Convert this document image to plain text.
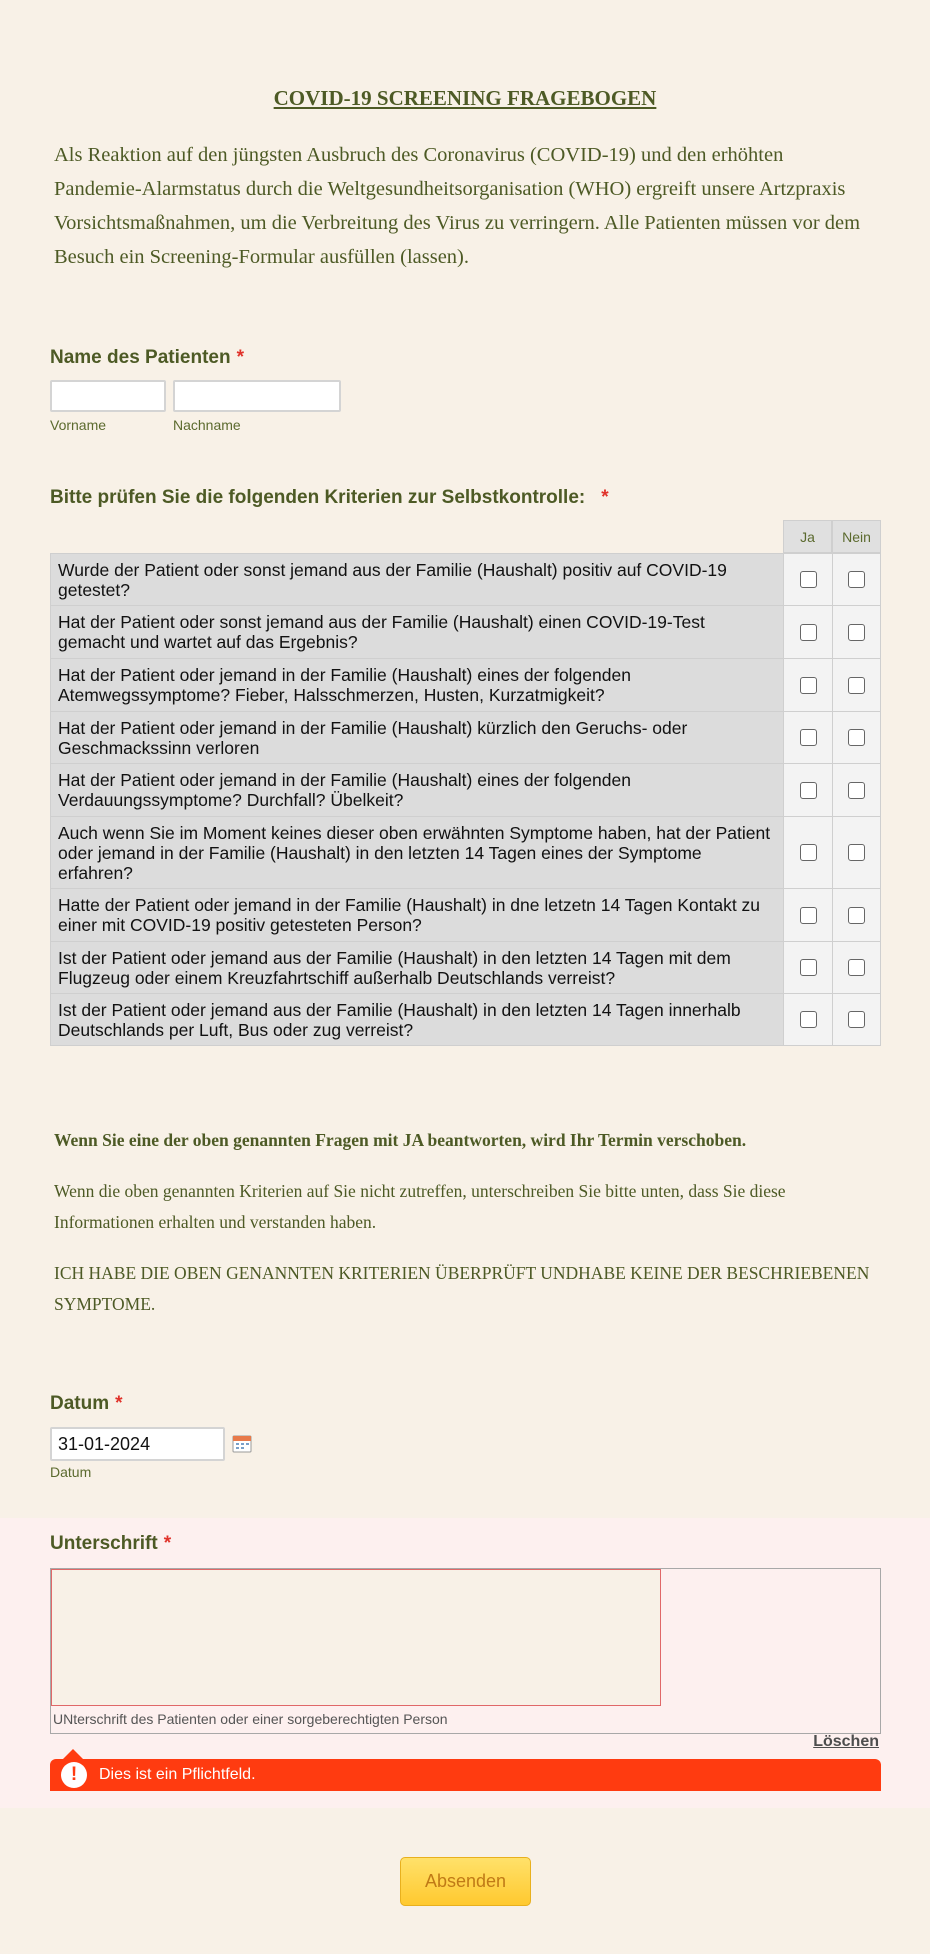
COVID-19 SCREENING FRAGEBOGEN
Als Reaktion auf den jüngsten Ausbruch des Coronavirus (COVID-19) und den erhöhten Pandemie-Alarmstatus durch die Weltgesundheitsorganisation (WHO) ergreift unsere Artzpraxis Vorsichtsmaßnahmen, um die Verbreitung des Virus zu verringern. Alle Patienten müssen vor dem Besuch ein Screening-Formular ausfüllen (lassen).
Name des Patienten *
Vorname	Nachname
Bitte prüfen Sie die folgenden Kriterien zur Selbstkontrolle: *
Ja	Nein
Wurde der Patient oder sonst jemand aus der Familie (Haushalt) positiv auf COVID-19 getestet?
Hat der Patient oder sonst jemand aus der Familie (Haushalt) einen COVID-19-Test gemacht und wartet auf das Ergebnis?
Hat der Patient oder jemand in der Familie (Haushalt) eines der folgenden Atemwegssymptome? Fieber, Halsschmerzen, Husten, Kurzatmigkeit?
Hat der Patient oder jemand in der Familie (Haushalt) kürzlich den Geruchs- oder Geschmackssinn verloren
Hat der Patient oder jemand in der Familie (Haushalt) eines der folgenden Verdauungssymptome? Durchfall? Übelkeit?
Auch wenn Sie im Moment keines dieser oben erwähnten Symptome haben, hat der Patient oder jemand in der Familie (Haushalt) in den letzten 14 Tagen eines der Symptome erfahren?
Hatte der Patient oder jemand in der Familie (Haushalt) in dne letzetn 14 Tagen Kontakt zu einer mit COVID-19 positiv getesteten Person?
Ist der Patient oder jemand aus der Familie (Haushalt) in den letzten 14 Tagen mit dem Flugzeug oder einem Kreuzfahrtschiff außerhalb Deutschlands verreist?
Ist der Patient oder jemand aus der Familie (Haushalt) in den letzten 14 Tagen innerhalb Deutschlands per Luft, Bus oder zug verreist?
Wenn Sie eine der oben genannten Fragen mit JA beantworten, wird Ihr Termin verschoben.
Wenn die oben genannten Kriterien auf Sie nicht zutreffen, unterschreiben Sie bitte unten, dass Sie diese Informationen erhalten und verstanden haben.
ICH HABE DIE OBEN GENANNTEN KRITERIEN ÜBERPRÜFT UNDHABE KEINE DER BESCHRIEBENEN SYMPTOME.
Datum *
31-01-2024
Datum
Unterschrift *
UNterschrift des Patienten oder einer sorgeberechtigten Person
Löschen
!	Dies ist ein Pflichtfeld.
Absenden
